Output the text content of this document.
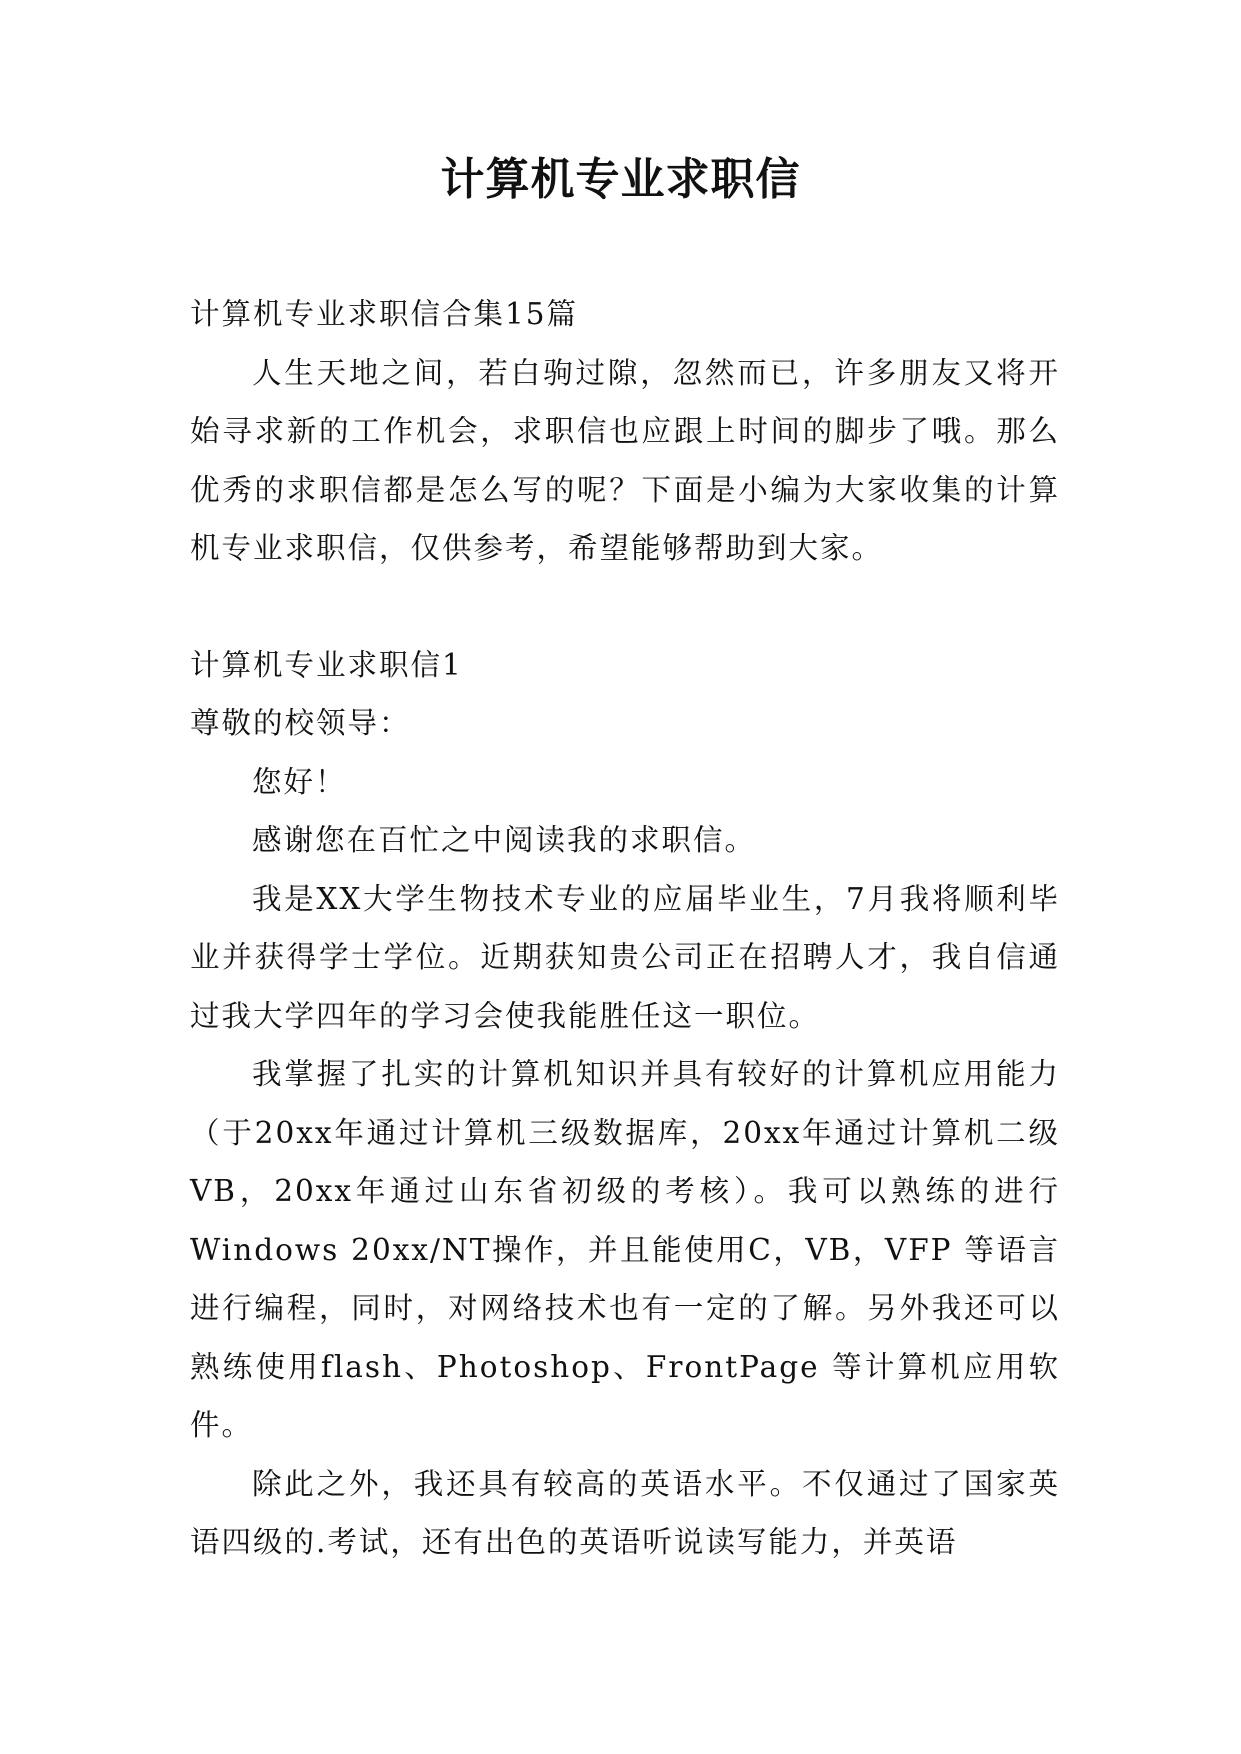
计算机专业求职信

计算机专业求职信合集15篇

人生天地之间，若白驹过隙，忽然而已，许多朋友又将开始寻求新的工作机会，求职信也应跟上时间的脚步了哦。那么优秀的求职信都是怎么写的呢？下面是小编为大家收集的计算机专业求职信，仅供参考，希望能够帮助到大家。

计算机专业求职信1

尊敬的校领导：

您好！

感谢您在百忙之中阅读我的求职信。

我是XX大学生物技术专业的应届毕业生，7月我将顺利毕业并获得学士学位。近期获知贵公司正在招聘人才，我自信通过我大学四年的学习会使我能胜任这一职位。

我掌握了扎实的计算机知识并具有较好的计算机应用能力（于20xx年通过计算机三级数据库，20xx年通过计算机二级VB，20xx年通过山东省初级的考核）。我可以熟练的进行Windows 20xx/NT操作，并且能使用C，VB，VFP 等语言进行编程，同时，对网络技术也有一定的了解。另外我还可以熟练使用flash、Photoshop、FrontPage 等计算机应用软件。

除此之外，我还具有较高的英语水平。不仅通过了国家英语四级的.考试，还有出色的英语听说读写能力，并英语
